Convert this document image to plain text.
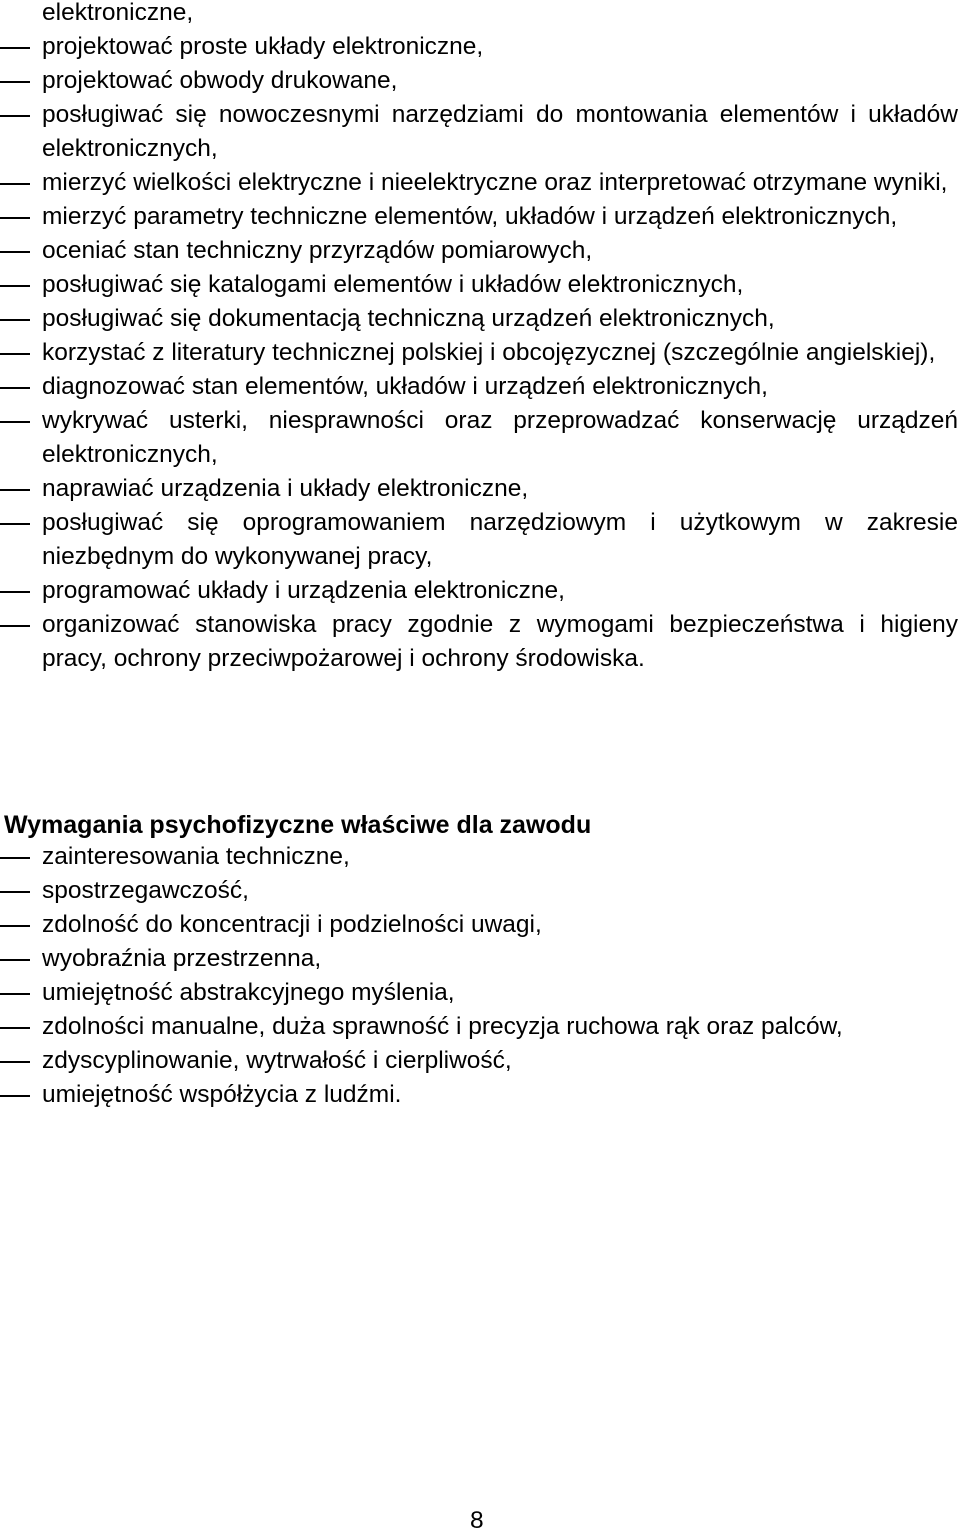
elektroniczne,
projektować proste układy elektroniczne,
projektować obwody drukowane,
posługiwać się nowoczesnymi narzędziami do montowania elementów i układów elektronicznych,
mierzyć wielkości elektryczne i nieelektryczne oraz interpretować otrzymane wyniki,
mierzyć parametry techniczne elementów, układów i urządzeń elektronicznych,
oceniać stan techniczny przyrządów pomiarowych,
posługiwać się katalogami elementów i układów elektronicznych,
posługiwać się dokumentacją techniczną urządzeń elektronicznych,
korzystać z literatury technicznej polskiej i obcojęzycznej (szczególnie angielskiej),
diagnozować stan elementów, układów i urządzeń elektronicznych,
wykrywać usterki, niesprawności oraz przeprowadzać konserwację urządzeń elektronicznych,
naprawiać urządzenia i układy elektroniczne,
posługiwać się oprogramowaniem narzędziowym i użytkowym w zakresie niezbędnym do wykonywanej pracy,
programować układy i urządzenia elektroniczne,
organizować stanowiska pracy zgodnie z wymogami bezpieczeństwa i higieny pracy, ochrony przeciwpożarowej i ochrony środowiska.
Wymagania psychofizyczne właściwe dla zawodu
zainteresowania techniczne,
spostrzegawczość,
zdolność do koncentracji i podzielności uwagi,
wyobraźnia przestrzenna,
umiejętność abstrakcyjnego myślenia,
zdolności manualne, duża sprawność i precyzja ruchowa rąk oraz palców,
zdyscyplinowanie, wytrwałość i cierpliwość,
umiejętność współżycia z ludźmi.
8
